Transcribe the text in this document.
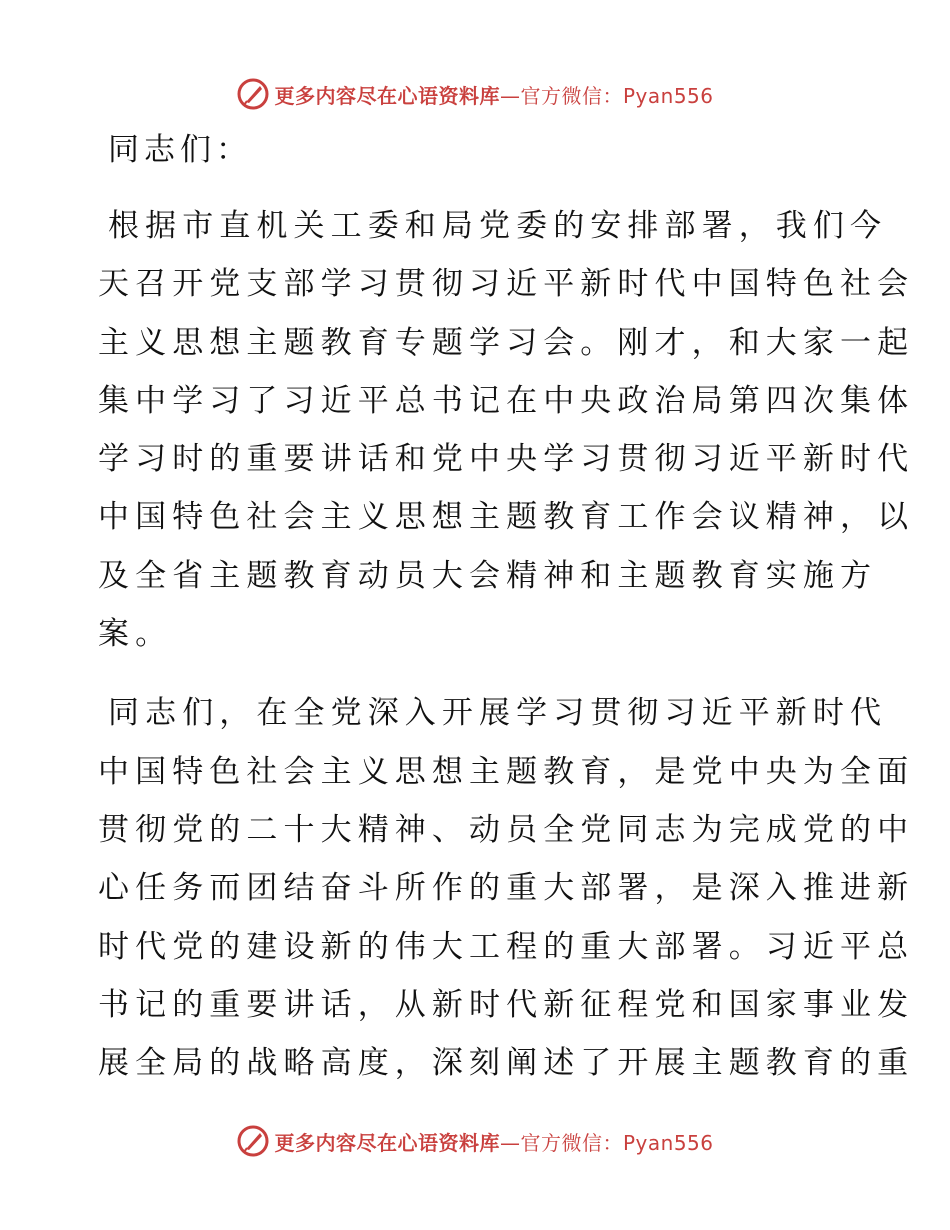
更多内容尽在心语资料库—官方微信：Pyan556
同志们：
根据市直机关工委和局党委的安排部署，我们今
天召开党支部学习贯彻习近平新时代中国特色社会
主义思想主题教育专题学习会。刚才，和大家一起
集中学习了习近平总书记在中央政治局第四次集体
学习时的重要讲话和党中央学习贯彻习近平新时代
中国特色社会主义思想主题教育工作会议精神，以
及全省主题教育动员大会精神和主题教育实施方
案。
同志们，在全党深入开展学习贯彻习近平新时代
中国特色社会主义思想主题教育，是党中央为全面
贯彻党的二十大精神、动员全党同志为完成党的中
心任务而团结奋斗所作的重大部署，是深入推进新
时代党的建设新的伟大工程的重大部署。习近平总
书记的重要讲话，从新时代新征程党和国家事业发
展全局的战略高度，深刻阐述了开展主题教育的重
更多内容尽在心语资料库—官方微信：Pyan556
